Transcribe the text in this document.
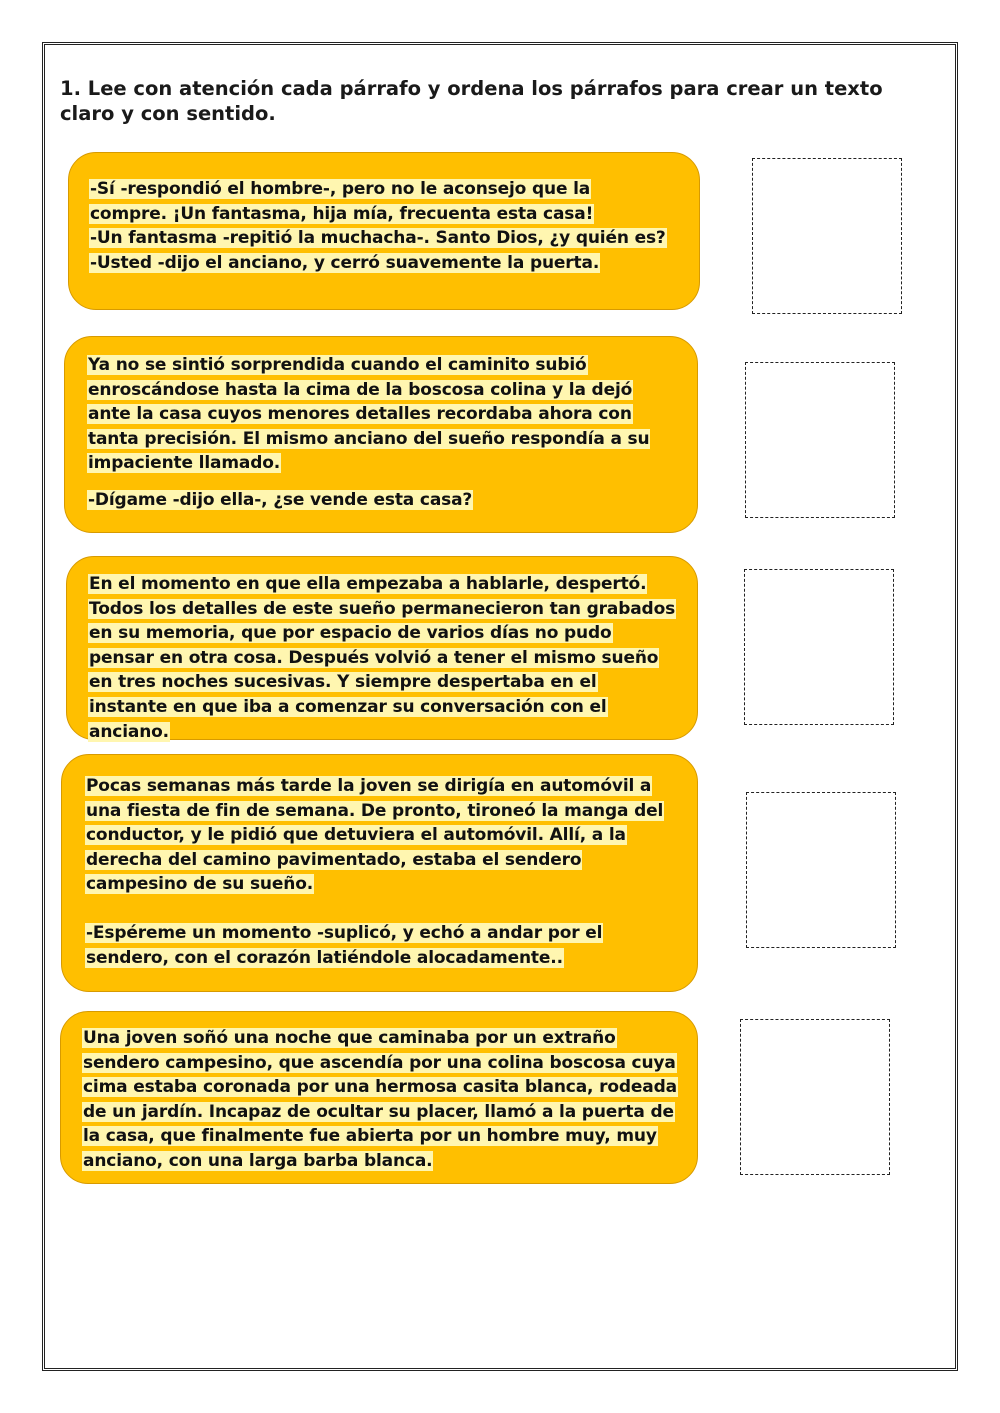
1. Lee con atención cada párrafo y ordena los párrafos para crear un texto claro y con sentido.

-Sí -respondió el hombre-, pero no le aconsejo que la compre. ¡Un fantasma, hija mía, frecuenta esta casa!

-Un fantasma -repitió la muchacha-. Santo Dios, ¿y quién es?

-Usted -dijo el anciano, y cerró suavemente la puerta.

Ya no se sintió sorprendida cuando el caminito subió enroscándose hasta la cima de la boscosa colina y la dejó ante la casa cuyos menores detalles recordaba ahora con tanta precisión. El mismo anciano del sueño respondía a su impaciente llamado.

-Dígame -dijo ella-, ¿se vende esta casa?

En el momento en que ella empezaba a hablarle, despertó. Todos los detalles de este sueño permanecieron tan grabados en su memoria, que por espacio de varios días no pudo pensar en otra cosa. Después volvió a tener el mismo sueño en tres noches sucesivas. Y siempre despertaba en el instante en que iba a comenzar su conversación con el anciano.

Pocas semanas más tarde la joven se dirigía en automóvil a una fiesta de fin de semana. De pronto, tironeó la manga del conductor, y le pidió que detuviera el automóvil. Allí, a la derecha del camino pavimentado, estaba el sendero campesino de su sueño.

-Espéreme un momento -suplicó, y echó a andar por el sendero, con el corazón latiéndole alocadamente..

Una joven soñó una noche que caminaba por un extraño sendero campesino, que ascendía por una colina boscosa cuya cima estaba coronada por una hermosa casita blanca, rodeada de un jardín. Incapaz de ocultar su placer, llamó a la puerta de la casa, que finalmente fue abierta por un hombre muy, muy anciano, con una larga barba blanca.
